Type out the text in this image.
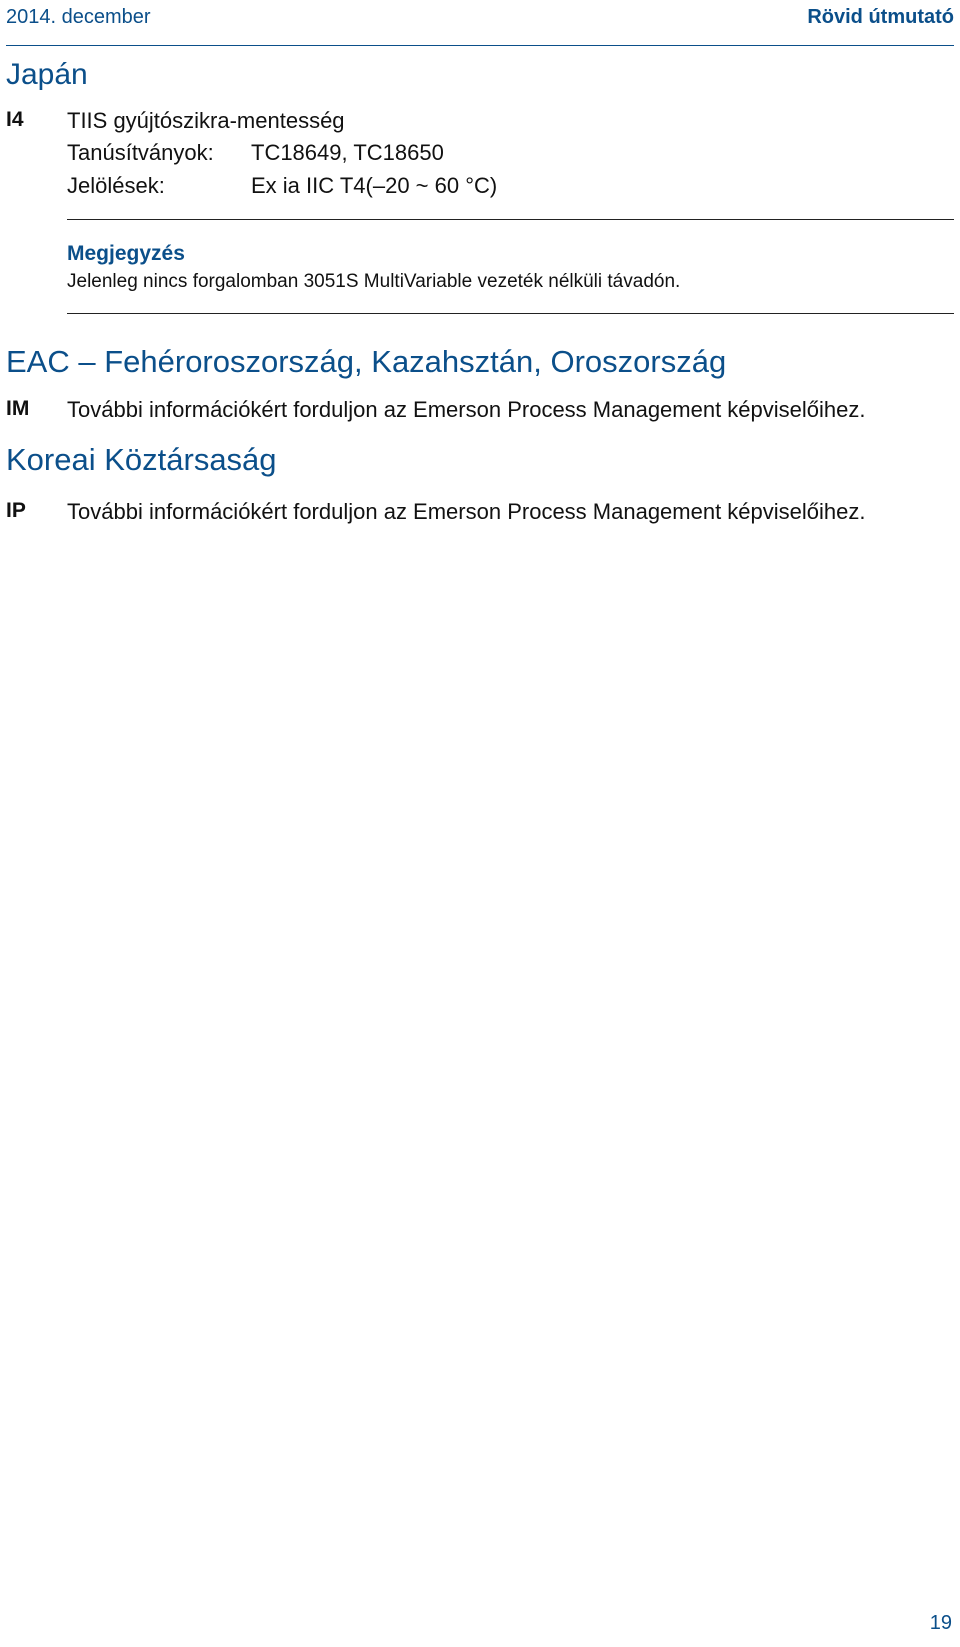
2014. december	Rövid útmutató
Japán
I4 TIIS gyújtószikra-mentesség
Tanúsítványok: TC18649, TC18650
Jelölések:	Ex ia IIC T4(–20 ~ 60 °C)
Megjegyzés
Jelenleg nincs forgalomban 3051S MultiVariable vezeték nélküli távadón.
EAC – Fehéroroszország, Kazahsztán, Oroszország
IM További információkért forduljon az Emerson Process Management képviselőihez.
Koreai Köztársaság
IP További információkért forduljon az Emerson Process Management képviselőihez.
19
